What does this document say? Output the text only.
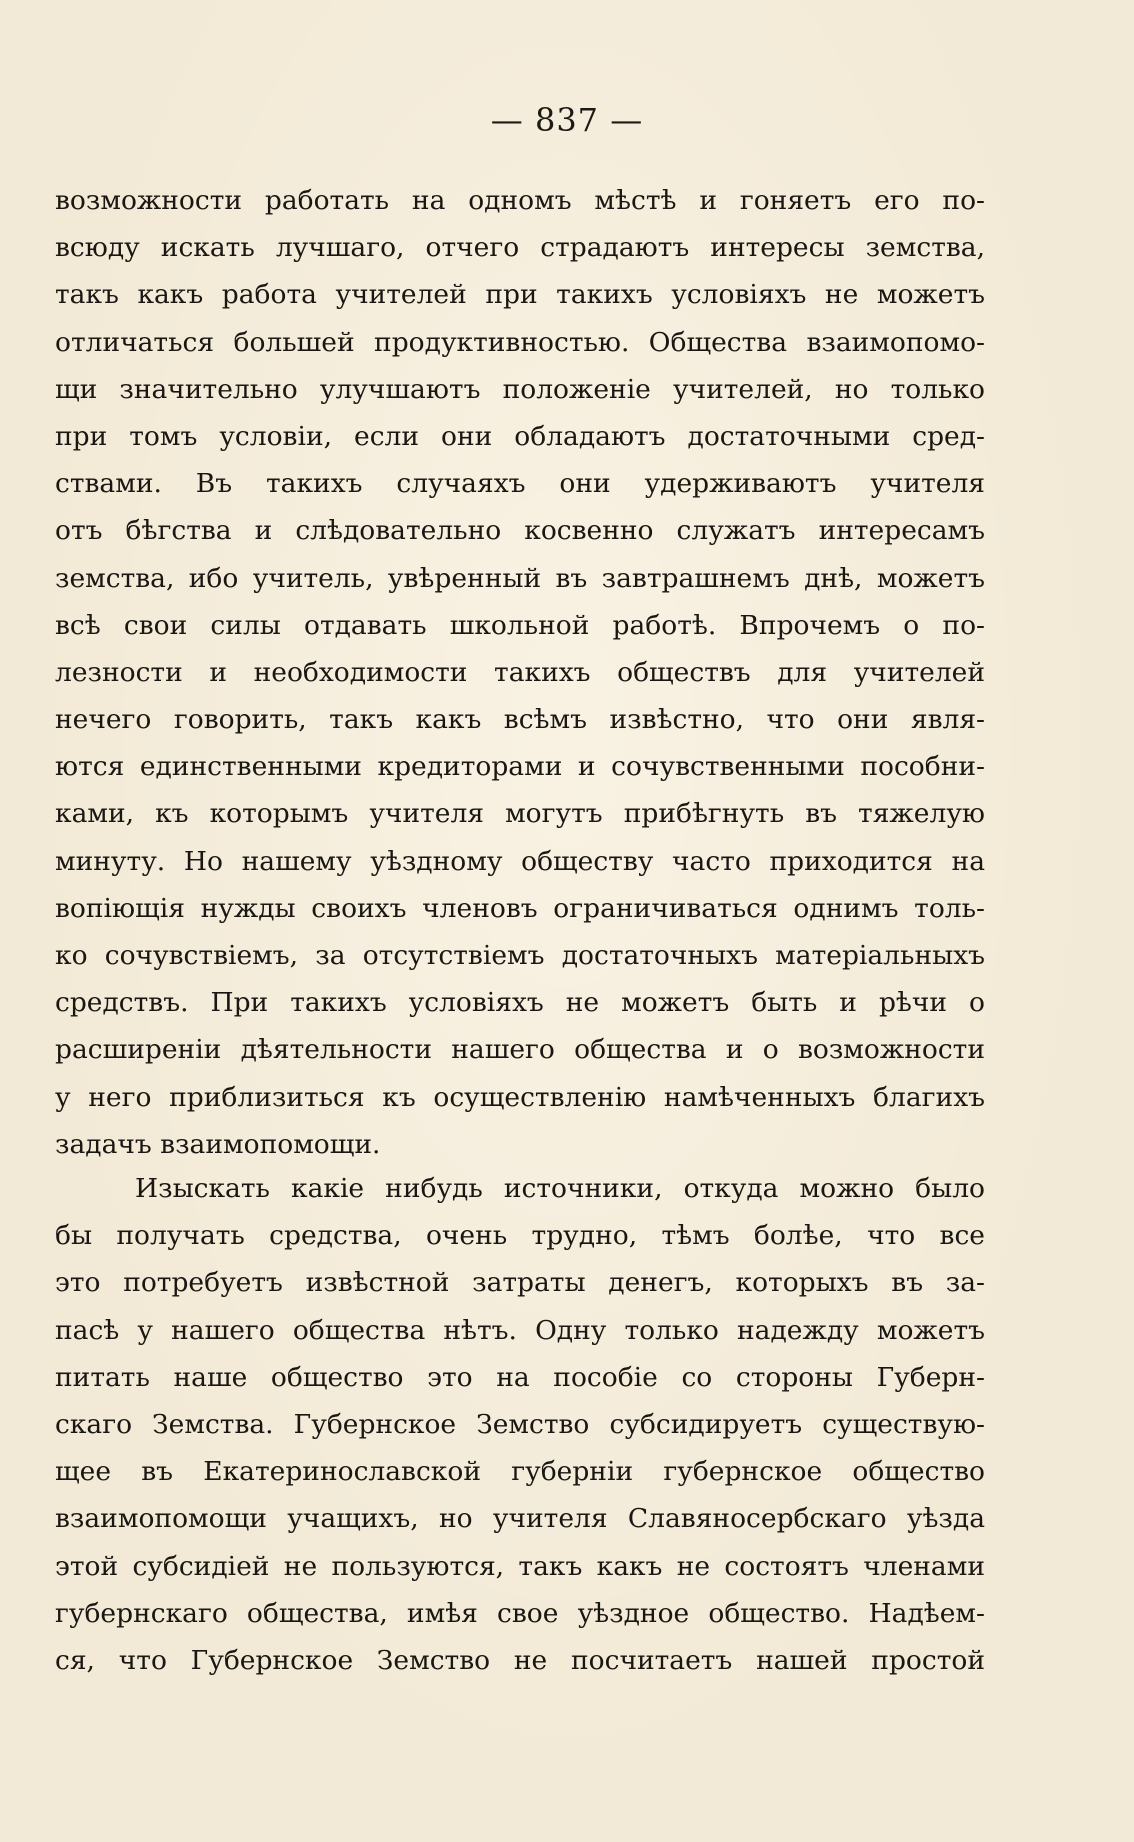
— 837 —
возможности работать на одномъ мѣстѣ и гоняетъ его по-
всюду искать лучшаго, отчего страдаютъ интересы земства,
такъ какъ работа учителей при такихъ условіяхъ не можетъ
отличаться большей продуктивностью. Общества взаимопомо-
щи значительно улучшаютъ положеніе учителей, но только
при томъ условіи, если они обладаютъ достаточными сред-
ствами. Въ такихъ случаяхъ они удерживаютъ учителя
отъ бѣгства и слѣдовательно косвенно служатъ интересамъ
земства, ибо учитель, увѣренный въ завтрашнемъ днѣ, можетъ
всѣ свои силы отдавать школьной работѣ. Впрочемъ о по-
лезности и необходимости такихъ обществъ для учителей
нечего говорить, такъ какъ всѣмъ извѣстно, что они явля-
ются единственными кредиторами и сочувственными пособни-
ками, къ которымъ учителя могутъ прибѣгнуть въ тяжелую
минуту. Но нашему уѣздному обществу часто приходится на
вопіющія нужды своихъ членовъ ограничиваться однимъ толь-
ко сочувствіемъ, за отсутствіемъ достаточныхъ матеріальныхъ
средствъ. При такихъ условіяхъ не можетъ быть и рѣчи о
расширеніи дѣятельности нашего общества и о возможности
у него приблизиться къ осуществленію намѣченныхъ благихъ
задачъ взаимопомощи.
Изыскать какіе нибудь источники, откуда можно было
бы получать средства, очень трудно, тѣмъ болѣе, что все
это потребуетъ извѣстной затраты денегъ, которыхъ въ за-
пасѣ у нашего общества нѣтъ. Одну только надежду можетъ
питать наше общество это на пособіе со стороны Губерн-
скаго Земства. Губернское Земство субсидируетъ существую-
щее въ Екатеринославской губерніи губернское общество
взаимопомощи учащихъ, но учителя Славяносербскаго уѣзда
этой субсидіей не пользуются, такъ какъ не состоятъ членами
губернскаго общества, имѣя свое уѣздное общество. Надѣем-
ся, что Губернское Земство не посчитаетъ нашей простой
